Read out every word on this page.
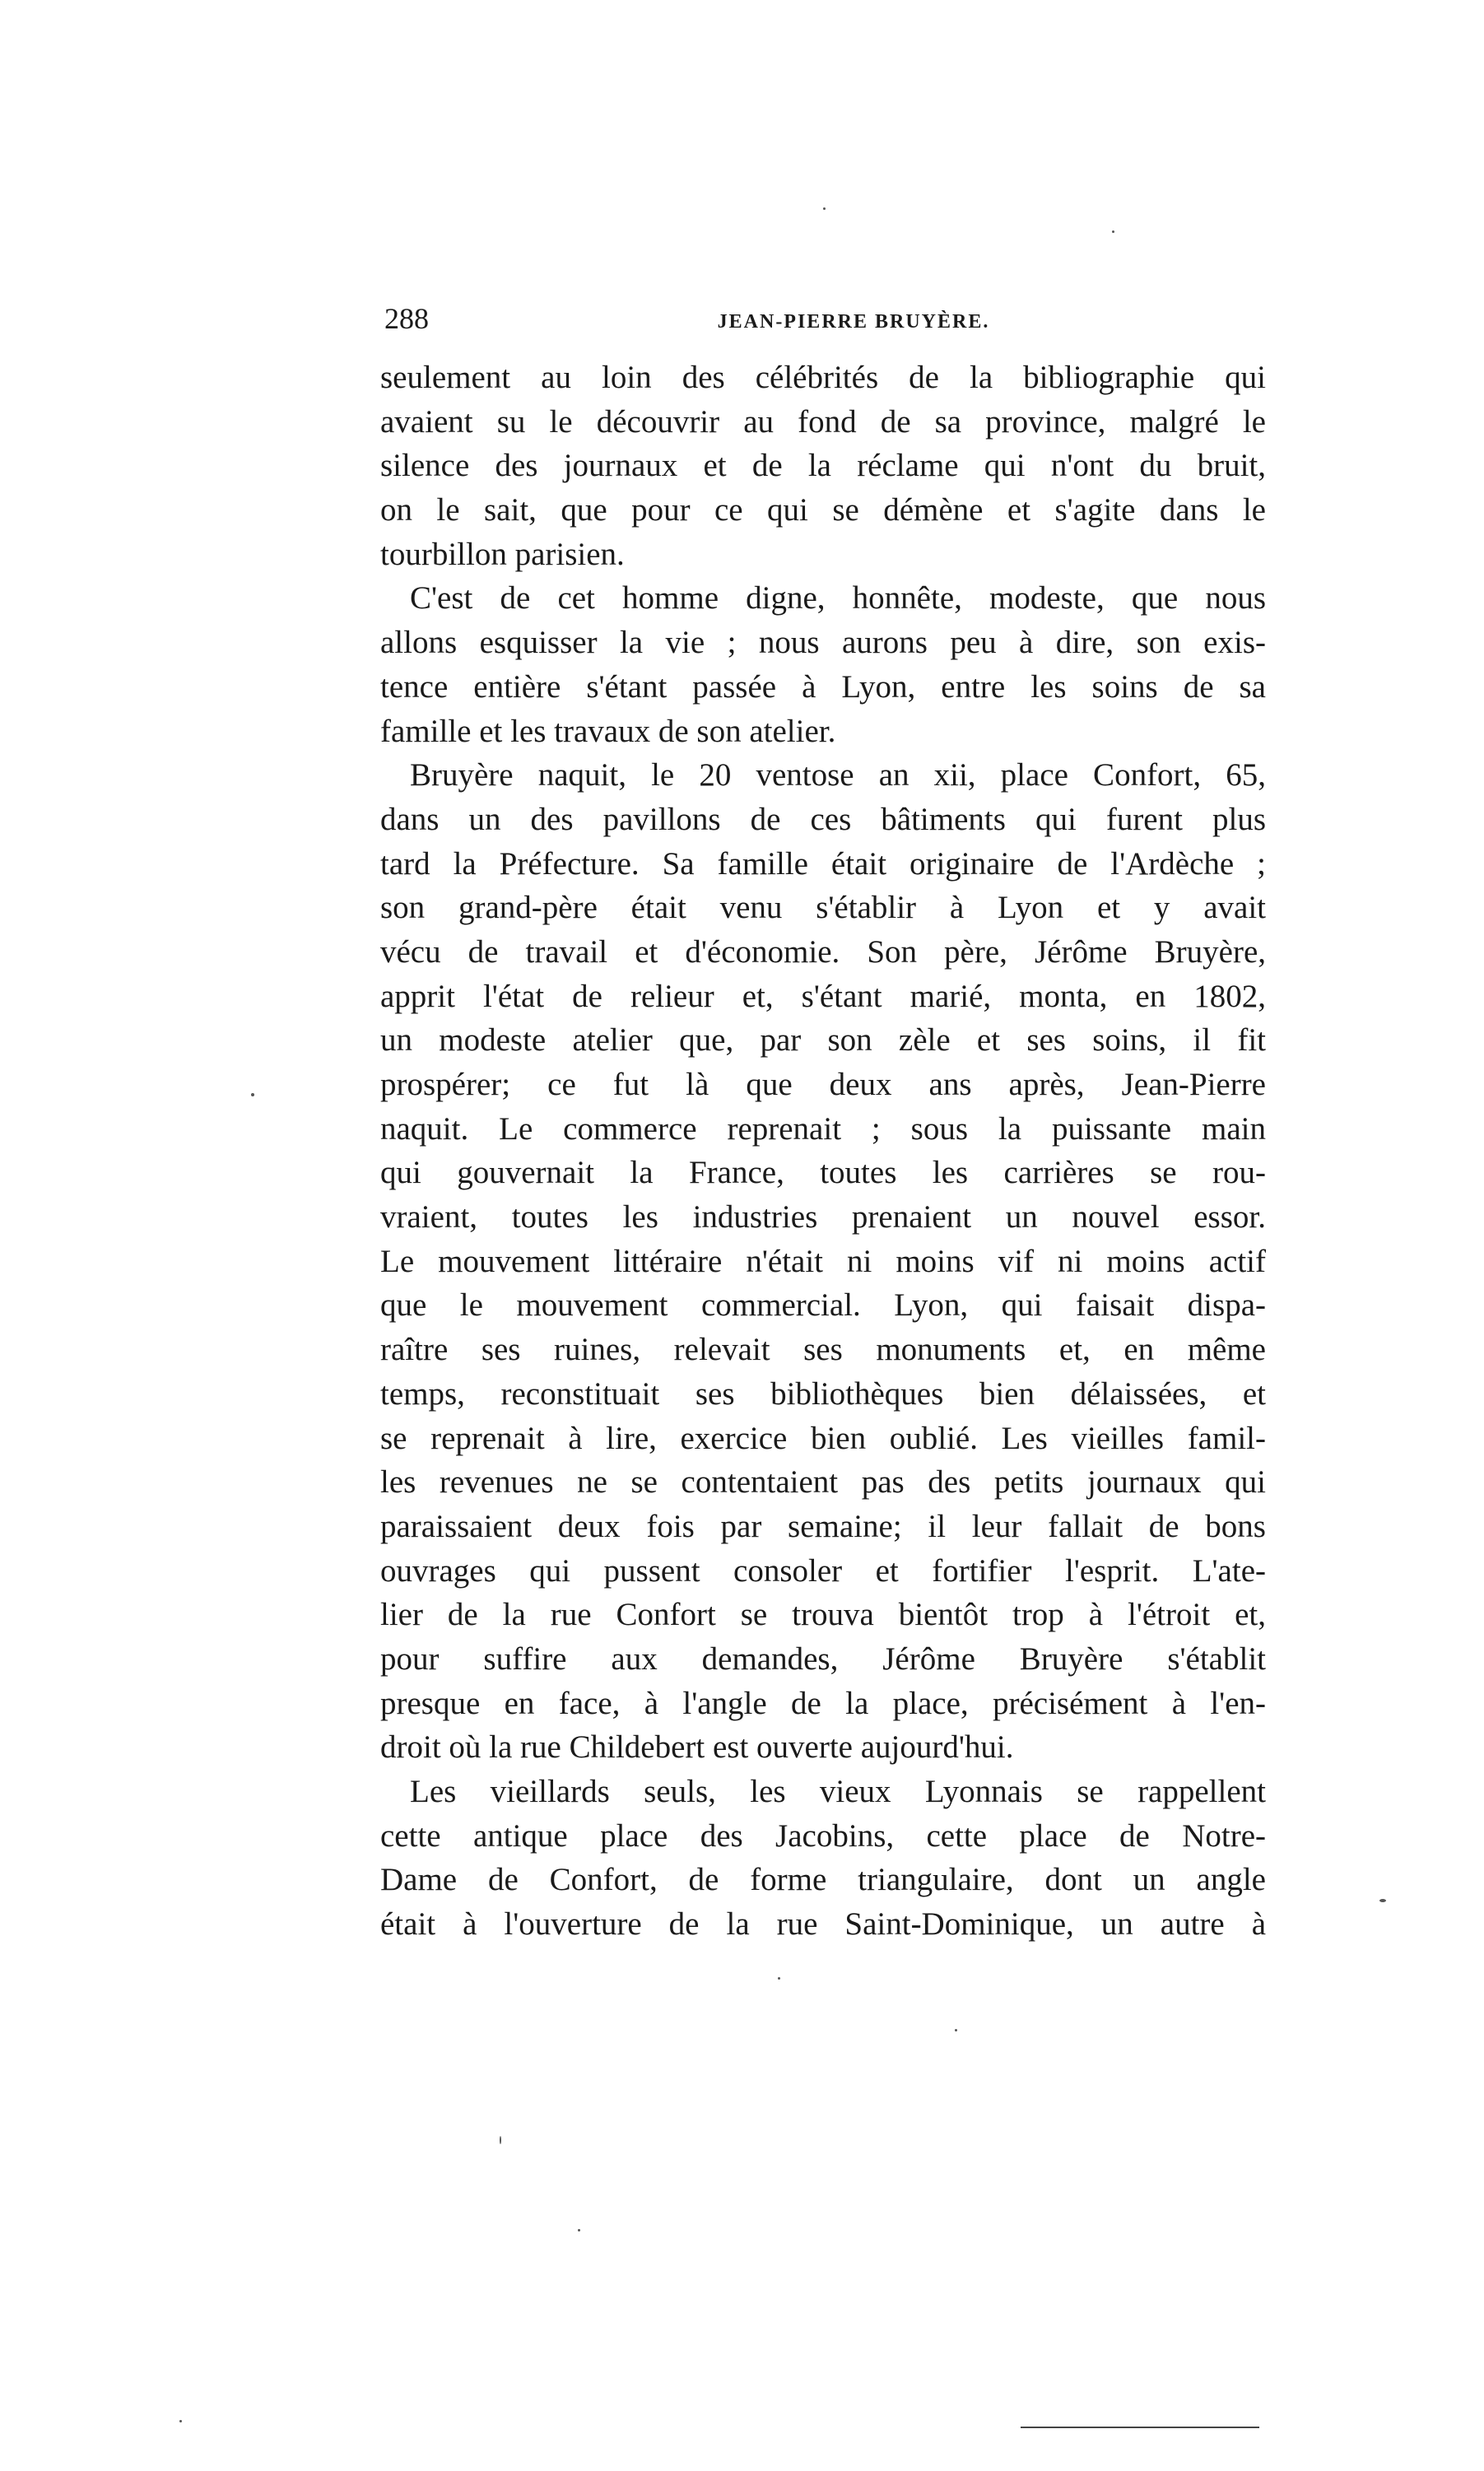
288	JEAN-PIERRE BRUYÈRE.
seulement au loin des célébrités de la bibliographie qui
avaient su le découvrir au fond de sa province, malgré le
silence des journaux et de la réclame qui n'ont du bruit,
on le sait, que pour ce qui se démène et s'agite dans le
tourbillon parisien.
C'est de cet homme digne, honnête, modeste, que nous
allons esquisser la vie ; nous aurons peu à dire, son exis-
tence entière s'étant passée à Lyon, entre les soins de sa
famille et les travaux de son atelier.
Bruyère naquit, le 20 ventose an xii, place Confort, 65,
dans un des pavillons de ces bâtiments qui furent plus
tard la Préfecture. Sa famille était originaire de l'Ardèche ;
son grand-père était venu s'établir à Lyon et y avait
vécu de travail et d'économie. Son père, Jérôme Bruyère,
apprit l'état de relieur et, s'étant marié, monta, en 1802,
un modeste atelier que, par son zèle et ses soins, il fit
prospérer; ce fut là que deux ans après, Jean-Pierre
naquit. Le commerce reprenait ; sous la puissante main
qui gouvernait la France, toutes les carrières se rou-
vraient, toutes les industries prenaient un nouvel essor.
Le mouvement littéraire n'était ni moins vif ni moins actif
que le mouvement commercial. Lyon, qui faisait dispa-
raître ses ruines, relevait ses monuments et, en même
temps, reconstituait ses bibliothèques bien délaissées, et
se reprenait à lire, exercice bien oublié. Les vieilles famil-
les revenues ne se contentaient pas des petits journaux qui
paraissaient deux fois par semaine; il leur fallait de bons
ouvrages qui pussent consoler et fortifier l'esprit. L'ate-
lier de la rue Confort se trouva bientôt trop à l'étroit et,
pour suffire aux demandes, Jérôme Bruyère s'établit
presque en face, à l'angle de la place, précisément à l'en-
droit où la rue Childebert est ouverte aujourd'hui.
Les vieillards seuls, les vieux Lyonnais se rappellent
cette antique place des Jacobins, cette place de Notre-
Dame de Confort, de forme triangulaire, dont un angle
était à l'ouverture de la rue Saint-Dominique, un autre à
